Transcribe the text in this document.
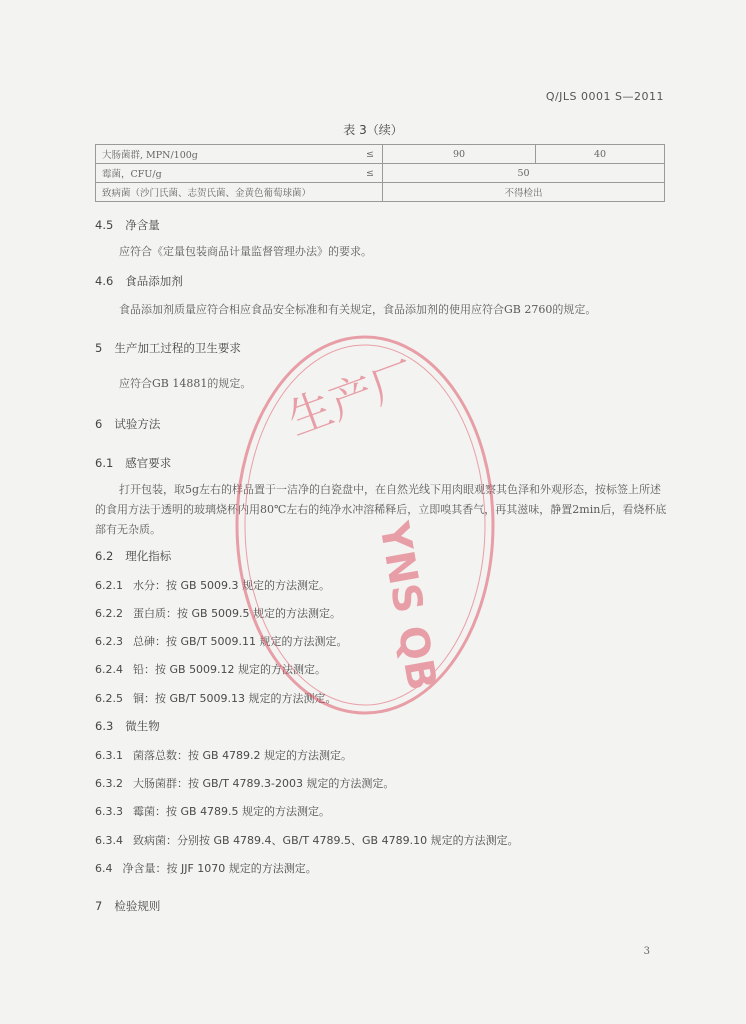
Q/JLS 0001 S—2011
表 3（续）
大肠菌群, MPN/100g	≤	90	40
霉菌，CFU/g	≤	50	
致病菌（沙门氏菌、志贺氏菌、金黄色葡萄球菌）		不得检出	
4.5 净含量
应符合《定量包装商品计量监督管理办法》的要求。
4.6 食品添加剂
食品添加剂质量应符合相应食品安全标准和有关规定，食品添加剂的使用应符合GB 2760的规定。
5 生产加工过程的卫生要求
应符合GB 14881的规定。
6 试验方法
6.1 感官要求
打开包装，取5g左右的样品置于一洁净的白瓷盘中，在自然光线下用肉眼观察其色泽和外观形态，按标签上所述的食用方法于透明的玻璃烧杯内用80℃左右的纯净水冲溶稀释后，立即嗅其香气，再其滋味，静置2min后，看烧杯底部有无杂质。
6.2 理化指标
6.2.1 水分：按 GB 5009.3 规定的方法测定。
6.2.2 蛋白质：按 GB 5009.5 规定的方法测定。
6.2.3 总砷：按 GB/T 5009.11 规定的方法测定。
6.2.4 铅：按 GB 5009.12 规定的方法测定。
6.2.5 铜：按 GB/T 5009.13 规定的方法测定。
6.3 微生物
6.3.1 菌落总数：按 GB 4789.2 规定的方法测定。
6.3.2 大肠菌群：按 GB/T 4789.3-2003 规定的方法测定。
6.3.3 霉菌：按 GB 4789.5 规定的方法测定。
6.3.4 致病菌：分别按 GB 4789.4、GB/T 4789.5、GB 4789.10 规定的方法测定。
6.4 净含量：按 JJF 1070 规定的方法测定。
7 检验规则
3
生产厂
YNS QB
